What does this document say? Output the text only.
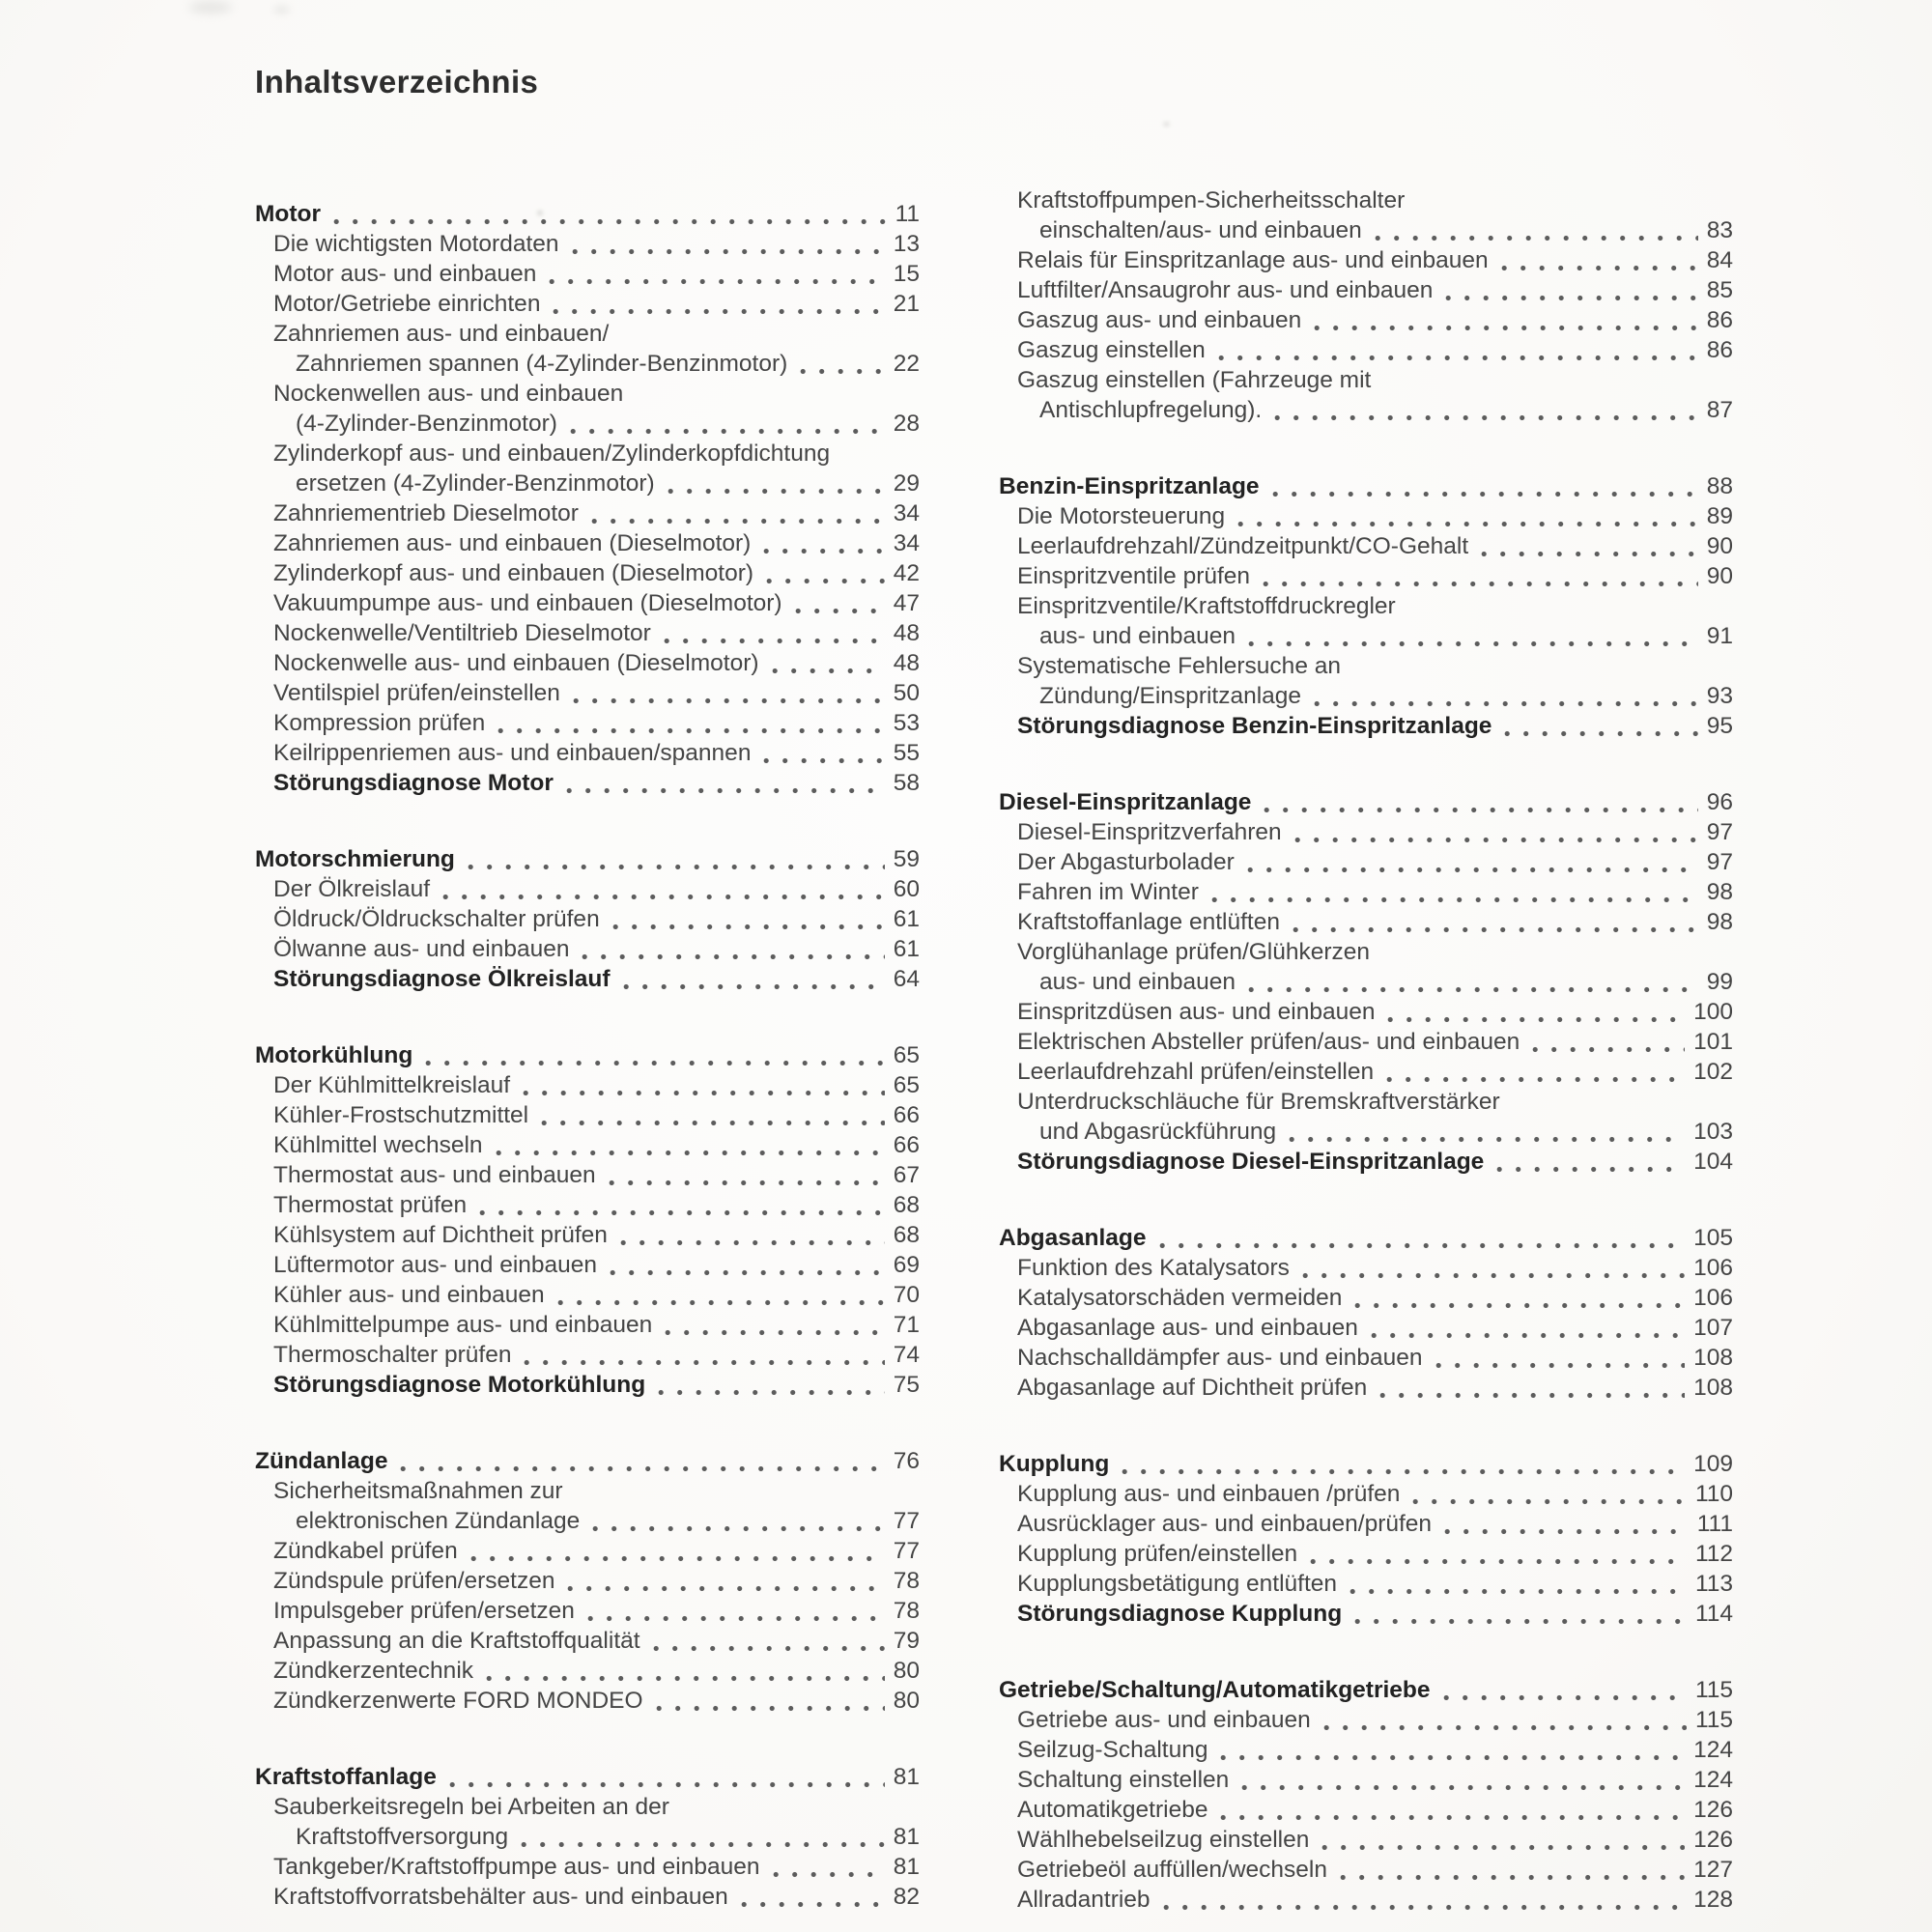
Inhaltsverzeichnis
Motor	11
Die wichtigsten Motordaten	13
Motor aus- und einbauen	15
Motor/Getriebe einrichten	21
Zahnriemen aus- und einbauen/
Zahnriemen spannen (4-Zylinder-Benzinmotor)	22
Nockenwellen aus- und einbauen
(4-Zylinder-Benzinmotor)	28
Zylinderkopf aus- und einbauen/Zylinderkopfdichtung
ersetzen (4-Zylinder-Benzinmotor)	29
Zahnriementrieb Dieselmotor	34
Zahnriemen aus- und einbauen (Dieselmotor)	34
Zylinderkopf aus- und einbauen (Dieselmotor)	42
Vakuumpumpe aus- und einbauen (Dieselmotor)	47
Nockenwelle/Ventiltrieb Dieselmotor	48
Nockenwelle aus- und einbauen (Dieselmotor)	48
Ventilspiel prüfen/einstellen	50
Kompression prüfen	53
Keilrippenriemen aus- und einbauen/spannen	55
Störungsdiagnose Motor	58
Motorschmierung	59
Der Ölkreislauf	60
Öldruck/Öldruckschalter prüfen	61
Ölwanne aus- und einbauen	61
Störungsdiagnose Ölkreislauf	64
Motorkühlung	65
Der Kühlmittelkreislauf	65
Kühler-Frostschutzmittel	66
Kühlmittel wechseln	66
Thermostat aus- und einbauen	67
Thermostat prüfen	68
Kühlsystem auf Dichtheit prüfen	68
Lüftermotor aus- und einbauen	69
Kühler aus- und einbauen	70
Kühlmittelpumpe aus- und einbauen	71
Thermoschalter prüfen	74
Störungsdiagnose Motorkühlung	75
Zündanlage	76
Sicherheitsmaßnahmen zur
elektronischen Zündanlage	77
Zündkabel prüfen	77
Zündspule prüfen/ersetzen	78
Impulsgeber prüfen/ersetzen	78
Anpassung an die Kraftstoffqualität	79
Zündkerzentechnik	80
Zündkerzenwerte FORD MONDEO	80
Kraftstoffanlage	81
Sauberkeitsregeln bei Arbeiten an der
Kraftstoffversorgung	81
Tankgeber/Kraftstoffpumpe aus- und einbauen	81
Kraftstoffvorratsbehälter aus- und einbauen	82
Kraftstoffpumpen-Sicherheitsschalter
einschalten/aus- und einbauen	83
Relais für Einspritzanlage aus- und einbauen	84
Luftfilter/Ansaugrohr aus- und einbauen	85
Gaszug aus- und einbauen	86
Gaszug einstellen	86
Gaszug einstellen (Fahrzeuge mit
Antischlupfregelung).	87
Benzin-Einspritzanlage	88
Die Motorsteuerung	89
Leerlaufdrehzahl/Zündzeitpunkt/CO-Gehalt	90
Einspritzventile prüfen	90
Einspritzventile/Kraftstoffdruckregler
aus- und einbauen	91
Systematische Fehlersuche an
Zündung/Einspritzanlage	93
Störungsdiagnose Benzin-Einspritzanlage	95
Diesel-Einspritzanlage	96
Diesel-Einspritzverfahren	97
Der Abgasturbolader	97
Fahren im Winter	98
Kraftstoffanlage entlüften	98
Vorglühanlage prüfen/Glühkerzen
aus- und einbauen	99
Einspritzdüsen aus- und einbauen	100
Elektrischen Absteller prüfen/aus- und einbauen	101
Leerlaufdrehzahl prüfen/einstellen	102
Unterdruckschläuche für Bremskraftverstärker
und Abgasrückführung	103
Störungsdiagnose Diesel-Einspritzanlage	104
Abgasanlage	105
Funktion des Katalysators	106
Katalysatorschäden vermeiden	106
Abgasanlage aus- und einbauen	107
Nachschalldämpfer aus- und einbauen	108
Abgasanlage auf Dichtheit prüfen	108
Kupplung	109
Kupplung aus- und einbauen /prüfen	110
Ausrücklager aus- und einbauen/prüfen	111
Kupplung prüfen/einstellen	112
Kupplungsbetätigung entlüften	113
Störungsdiagnose Kupplung	114
Getriebe/Schaltung/Automatikgetriebe	115
Getriebe aus- und einbauen	115
Seilzug-Schaltung	124
Schaltung einstellen	124
Automatikgetriebe	126
Wählhebelseilzug einstellen	126
Getriebeöl auffüllen/wechseln	127
Allradantrieb	128
